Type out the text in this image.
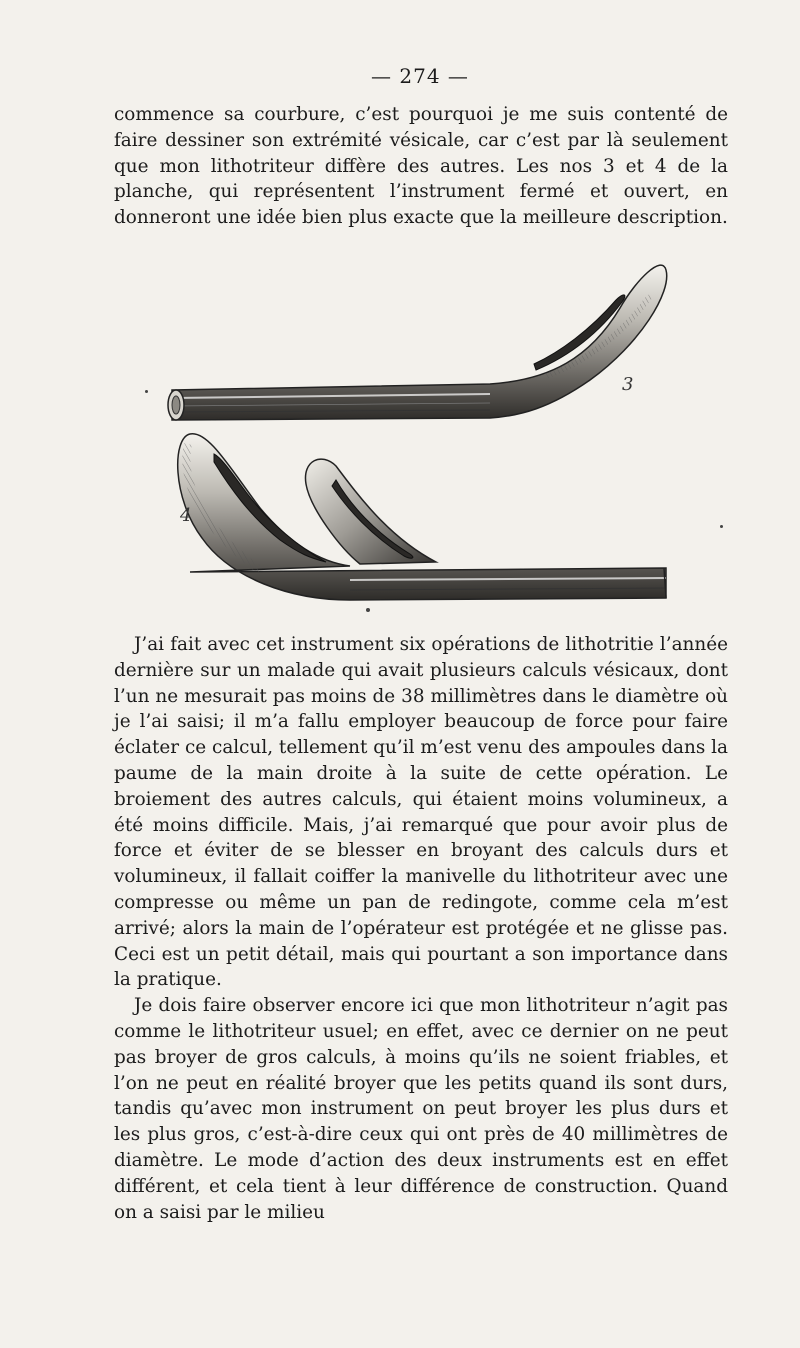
— 274 —

commence sa courbure, c’est pourquoi je me suis contenté de faire dessiner son extrémité vésicale, car c’est par là seulement que mon lithotriteur diffère des autres. Les nos 3 et 4 de la planche, qui représentent l’instrument fermé et ouvert, en donneront une idée bien plus exacte que la meilleure description.

3
4

J’ai fait avec cet instrument six opérations de lithotritie l’année dernière sur un malade qui avait plusieurs calculs vésicaux, dont l’un ne mesurait pas moins de 38 millimètres dans le diamètre où je l’ai saisi; il m’a fallu employer beaucoup de force pour faire éclater ce calcul, tellement qu’il m’est venu des ampoules dans la paume de la main droite à la suite de cette opération. Le broiement des autres calculs, qui étaient moins volumineux, a été moins difficile. Mais, j’ai remarqué que pour avoir plus de force et éviter de se blesser en broyant des calculs durs et volumineux, il fallait coiffer la manivelle du lithotriteur avec une compresse ou même un pan de redingote, comme cela m’est arrivé; alors la main de l’opérateur est protégée et ne glisse pas. Ceci est un petit détail, mais qui pourtant a son importance dans la pratique.

Je dois faire observer encore ici que mon lithotriteur n’agit pas comme le lithotriteur usuel; en effet, avec ce dernier on ne peut pas broyer de gros calculs, à moins qu’ils ne soient friables, et l’on ne peut en réalité broyer que les petits quand ils sont durs, tandis qu’avec mon instrument on peut broyer les plus durs et les plus gros, c’est-à-dire ceux qui ont près de 40 millimètres de diamètre. Le mode d’action des deux instruments est en effet différent, et cela tient à leur différence de construction. Quand on a saisi par le milieu
